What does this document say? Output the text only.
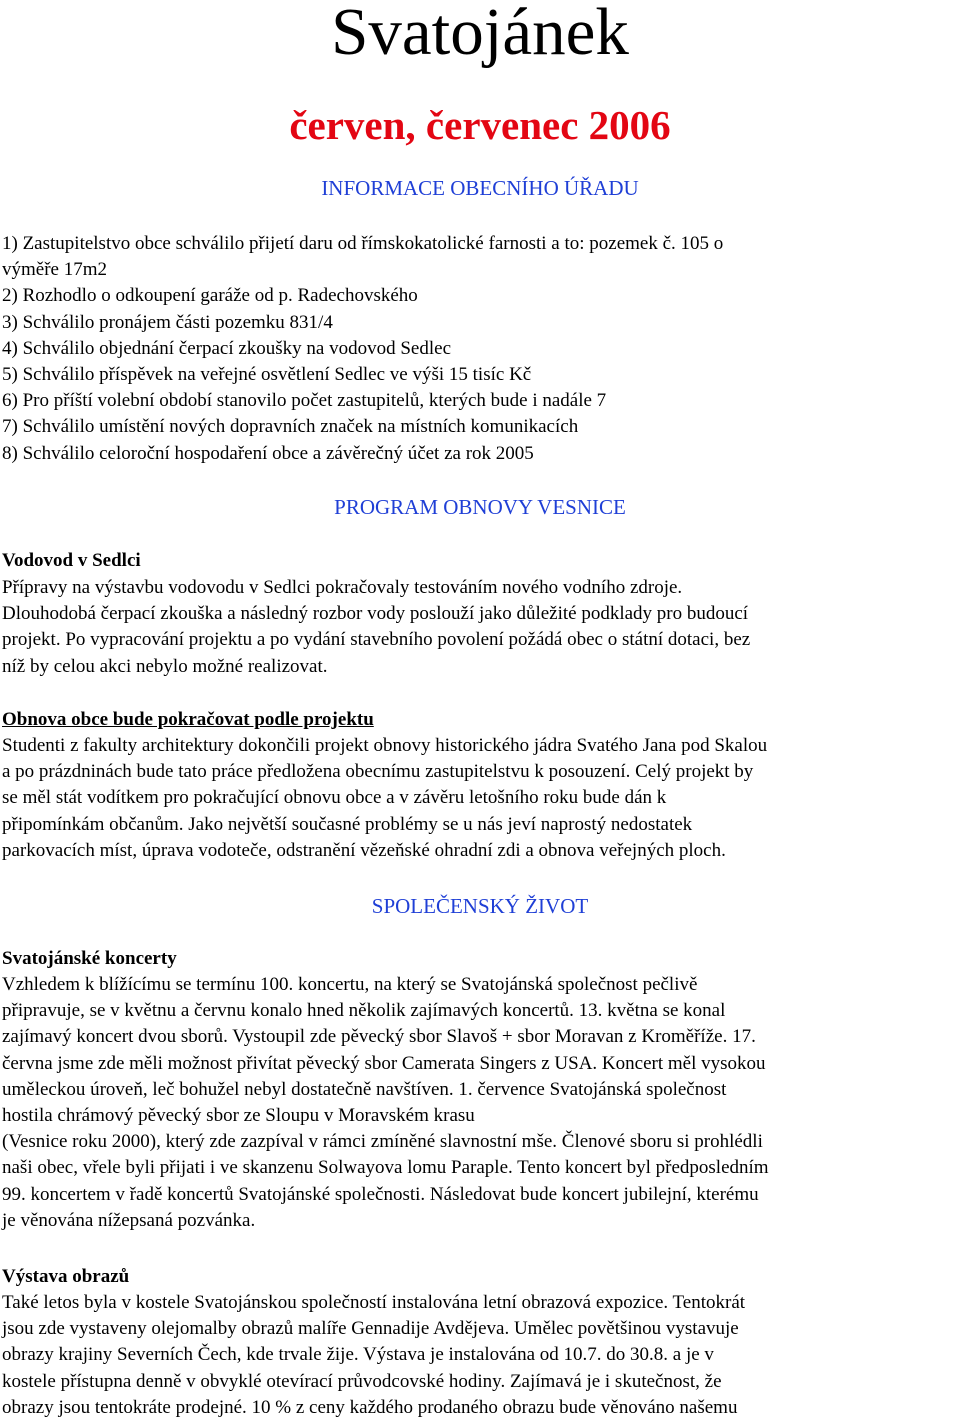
Svatojánek
červen, červenec 2006
INFORMACE OBECNÍHO ÚŘADU
1) Zastupitelstvo obce schválilo přijetí daru od římskokatolické farnosti a to: pozemek č. 105 o
výměře 17m2
2) Rozhodlo o odkoupení garáže od p. Radechovského
3) Schválilo pronájem části pozemku 831/4
4) Schválilo objednání čerpací zkoušky na vodovod Sedlec
5) Schválilo příspěvek na veřejné osvětlení Sedlec ve výši 15 tisíc Kč
6) Pro příští volební období stanovilo počet zastupitelů, kterých bude i nadále 7
7) Schválilo umístění nových dopravních značek na místních komunikacích
8) Schválilo celoroční hospodaření obce a závěrečný účet za rok 2005
PROGRAM OBNOVY VESNICE
Vodovod v Sedlci
Přípravy na výstavbu vodovodu v Sedlci pokračovaly testováním nového vodního zdroje.
Dlouhodobá čerpací zkouška a následný rozbor vody poslouží jako důležité podklady pro budoucí
projekt. Po vypracování projektu a po vydání stavebního povolení požádá obec o státní dotaci, bez
níž by celou akci nebylo možné realizovat.
Obnova obce bude pokračovat podle projektu
Studenti z fakulty architektury dokončili projekt obnovy historického jádra Svatého Jana pod Skalou
a po prázdninách bude tato práce předložena obecnímu zastupitelstvu k posouzení. Celý projekt by
se měl stát vodítkem pro pokračující obnovu obce a v závěru letošního roku bude dán k
připomínkám občanům. Jako největší současné problémy se u nás jeví naprostý nedostatek
parkovacích míst, úprava vodoteče, odstranění vězeňské ohradní zdi a obnova veřejných ploch.
SPOLEČENSKÝ ŽIVOT
Svatojánské koncerty
Vzhledem k blížícímu se termínu 100. koncertu, na který se Svatojánská společnost pečlivě
připravuje, se v květnu a červnu konalo hned několik zajímavých koncertů. 13. května se konal
zajímavý koncert dvou sborů. Vystoupil zde pěvecký sbor Slavoš + sbor Moravan z Kroměříže. 17.
června jsme zde měli možnost přivítat pěvecký sbor Camerata Singers z USA. Koncert měl vysokou
uměleckou úroveň, leč bohužel nebyl dostatečně navštíven. 1. července Svatojánská společnost
hostila chrámový pěvecký sbor ze Sloupu v Moravském krasu
(Vesnice roku 2000), který zde zazpíval v rámci zmíněné slavnostní mše. Členové sboru si prohlédli
naši obec, vřele byli přijati i ve skanzenu Solwayova lomu Paraple. Tento koncert byl předposledním
99. koncertem v řadě koncertů Svatojánské společnosti. Následovat bude koncert jubilejní, kterému
je věnována nížepsaná pozvánka.
Výstava obrazů
Také letos byla v kostele Svatojánskou společností instalována letní obrazová expozice. Tentokrát
jsou zde vystaveny olejomalby obrazů malíře Gennadije Avdějeva. Umělec povětšinou vystavuje
obrazy krajiny Severních Čech, kde trvale žije. Výstava je instalována od 10.7. do 30.8. a je v
kostele přístupna denně v obvyklé otevírací průvodcovské hodiny. Zajímavá je i skutečnost, že
obrazy jsou tentokráte prodejné. 10 % z ceny každého prodaného obrazu bude věnováno našemu
